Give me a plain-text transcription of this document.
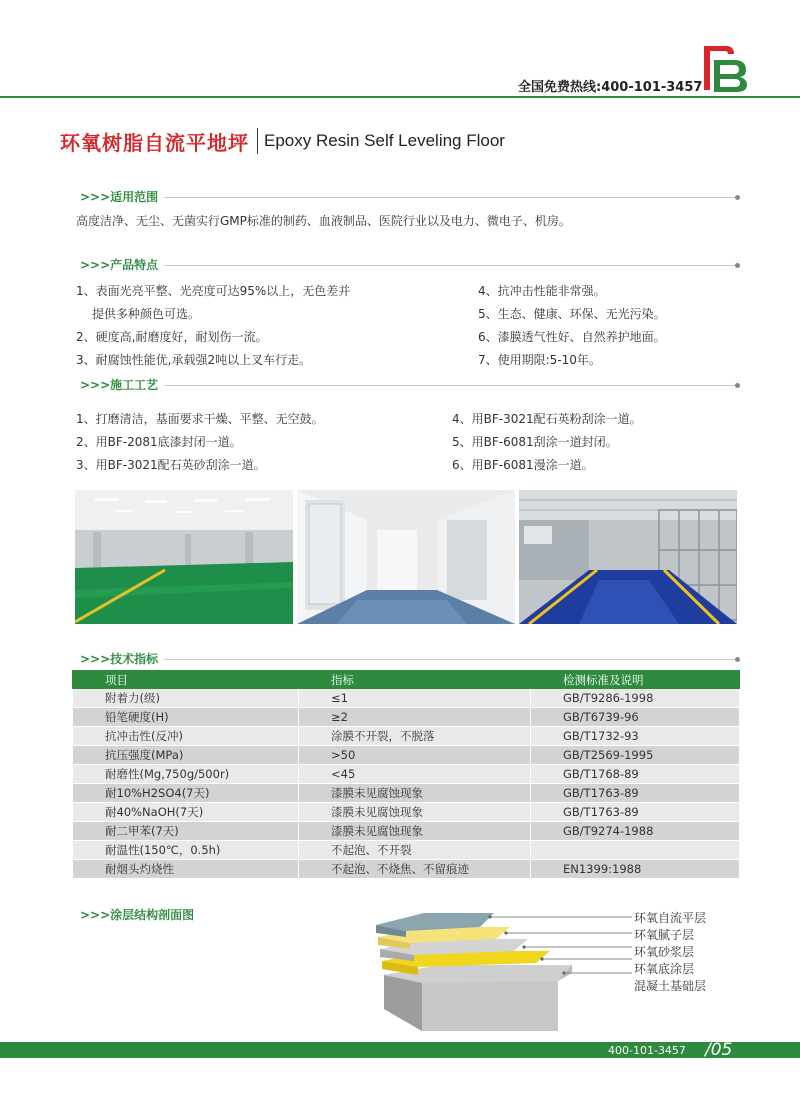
全国免费热线:400-101-3457
环氧树脂自流平地坪 Epoxy Resin Self Leveling Floor
>>>适用范围
高度洁净、无尘、无菌实行GMP标准的制药、血液制品、医院行业以及电力、微电子、机房。
>>>产品特点
1、表面光亮平整、光亮度可达95%以上，无色差并
提供多种颜色可选。
2、硬度高,耐磨度好，耐划伤一流。
3、耐腐蚀性能优,承载强2吨以上叉车行走。
4、抗冲击性能非常强。
5、生态、健康、环保、无光污染。
6、漆膜透气性好、自然养护地面。
7、使用期限:5-10年。
>>>施工工艺
1、打磨清洁，基面要求干燥、平整、无空鼓。
2、用BF-2081底漆封闭一道。
3、用BF-3021配石英砂刮涂一道。
4、用BF-3021配石英粉刮涂一道。
5、用BF-6081刮涂一道封闭。
6、用BF-6081漫涂一道。
>>>技术指标
项目	指标	检测标准及说明
附着力(级)	≤1	GB/T9286-1998
铅笔硬度(H)	≥2	GB/T6739-96
抗冲击性(反冲)	涂膜不开裂，不脱落	GB/T1732-93
抗压强度(MPa)	>50	GB/T2569-1995
耐磨性(Mg,750g/500r)	<45	GB/T1768-89
耐10%H2SO4(7天)	漆膜未见腐蚀现象	GB/T1763-89
耐40%NaOH(7天)	漆膜未见腐蚀现象	GB/T1763-89
耐二甲苯(7天)	漆膜未见腐蚀现象	GB/T9274-1988
耐温性(150℃，0.5h)	不起泡、不开裂	
耐烟头灼烧性	不起泡、不烧焦、不留痕迹	EN1399:1988
>>>涂层结构剖面图	环氧自流平层
环氧腻子层
环氧砂浆层
环氧底涂层
混凝土基础层
400-101-3457 /05
